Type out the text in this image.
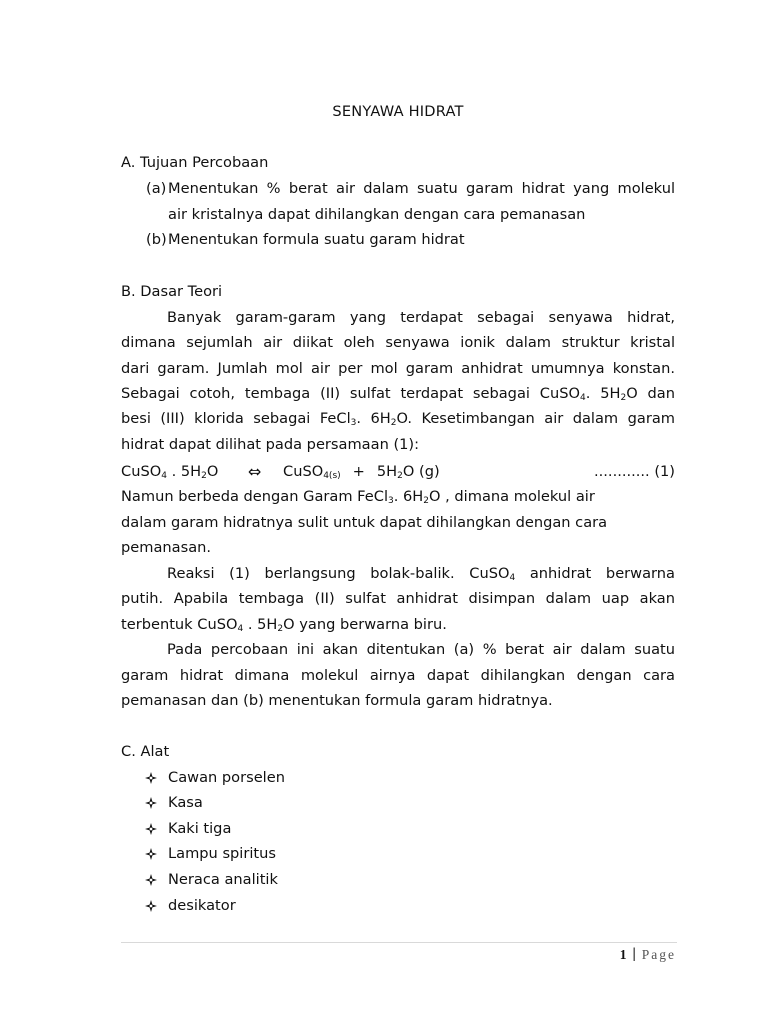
SENYAWA HIDRAT
A. Tujuan Percobaan
(a) Menentukan % berat air dalam suatu garam hidrat yang molekul
air kristalnya dapat dihilangkan dengan cara pemanasan
(b) Menentukan formula suatu garam hidrat
B. Dasar Teori
Banyak garam-garam yang terdapat sebagai senyawa hidrat,
dimana sejumlah air diikat oleh senyawa ionik dalam struktur kristal
dari garam. Jumlah mol air per mol garam anhidrat umumnya konstan.
Sebagai cotoh, tembaga (II) sulfat terdapat sebagai CuSO$_4$. $5H_2O$ dan
besi (III) klorida sebagai FeCl$_3$. $6H_2O$. Kesetimbangan air dalam garam
hidrat dapat dilihat pada persamaan (1):
CuSO$_4$ . $5H_2O$ ⇔ CuSO$_{4(s)}$ + $5H_2O$ (g)	............ (1)
Namun berbeda dengan Garam FeCl$_3$. $6H_2O$ , dimana molekul air
dalam garam hidratnya sulit untuk dapat dihilangkan dengan cara
pemanasan.
Reaksi (1) berlangsung bolak-balik. CuSO$_4$ anhidrat berwarna
putih. Apabila tembaga (II) sulfat anhidrat disimpan dalam uap akan
terbentuk CuSO$_4$ . $5H_2O$ yang berwarna biru.
Pada percobaan ini akan ditentukan (a) % berat air dalam suatu
garam hidrat dimana molekul airnya dapat dihilangkan dengan cara
pemanasan dan (b) menentukan formula garam hidratnya.
C. Alat
Cawan porselen
Kasa
Kaki tiga
Lampu spiritus
Neraca analitik
desikator
1 | Page
